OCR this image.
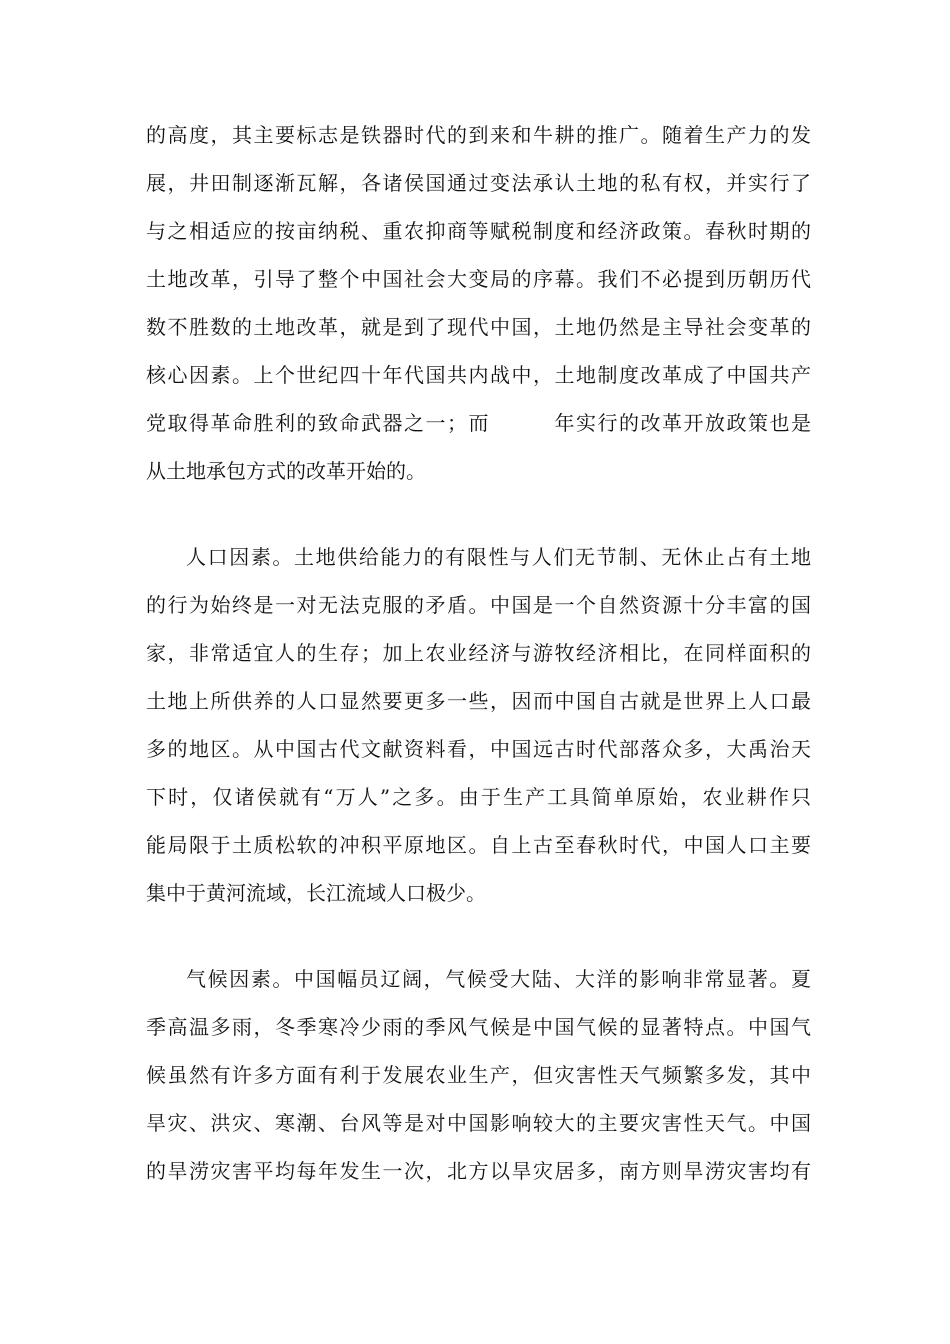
的高度，其主要标志是铁器时代的到来和牛耕的推广。随着生产力的发
展，井田制逐渐瓦解，各诸侯国通过变法承认土地的私有权，并实行了
与之相适应的按亩纳税、重农抑商等赋税制度和经济政策。春秋时期的
土地改革，引导了整个中国社会大变局的序幕。我们不必提到历朝历代
数不胜数的土地改革，就是到了现代中国，土地仍然是主导社会变革的
核心因素。上个世纪四十年代国共内战中，土地制度改革成了中国共产
党取得革命胜利的致命武器之一；而　　　年实行的改革开放政策也是
从土地承包方式的改革开始的。
人口因素。土地供给能力的有限性与人们无节制、无休止占有土地
的行为始终是一对无法克服的矛盾。中国是一个自然资源十分丰富的国
家，非常适宜人的生存；加上农业经济与游牧经济相比，在同样面积的
土地上所供养的人口显然要更多一些，因而中国自古就是世界上人口最
多的地区。从中国古代文献资料看，中国远古时代部落众多，大禹治天
下时，仅诸侯就有“万人”之多。由于生产工具简单原始，农业耕作只
能局限于土质松软的冲积平原地区。自上古至春秋时代，中国人口主要
集中于黄河流域，长江流域人口极少。
气候因素。中国幅员辽阔，气候受大陆、大洋的影响非常显著。夏
季高温多雨，冬季寒冷少雨的季风气候是中国气候的显著特点。中国气
候虽然有许多方面有利于发展农业生产，但灾害性天气频繁多发，其中
旱灾、洪灾、寒潮、台风等是对中国影响较大的主要灾害性天气。中国
的旱涝灾害平均每年发生一次，北方以旱灾居多，南方则旱涝灾害均有
